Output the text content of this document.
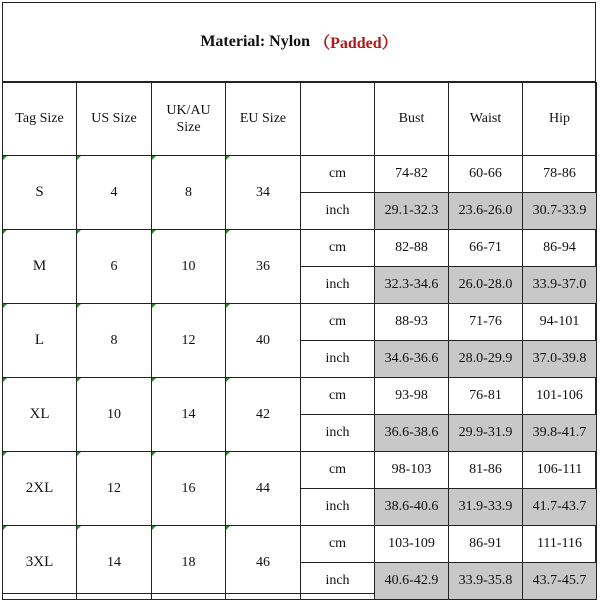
Material: Nylon （Padded）
Tag Size	US Size	UK/AU Size	EU Size		Bust	Waist	Hip
S	4	8	34	cm	74-82	60-66	78-86
				inch	29.1-32.3	23.6-26.0	30.7-33.9
M	6	10	36	cm	82-88	66-71	86-94
				inch	32.3-34.6	26.0-28.0	33.9-37.0
L	8	12	40	cm	88-93	71-76	94-101
				inch	34.6-36.6	28.0-29.9	37.0-39.8
XL	10	14	42	cm	93-98	76-81	101-106
				inch	36.6-38.6	29.9-31.9	39.8-41.7
2XL	12	16	44	cm	98-103	81-86	106-111
				inch	38.6-40.6	31.9-33.9	41.7-43.7
3XL	14	18	46	cm	103-109	86-91	111-116
				inch	40.6-42.9	33.9-35.8	43.7-45.7
